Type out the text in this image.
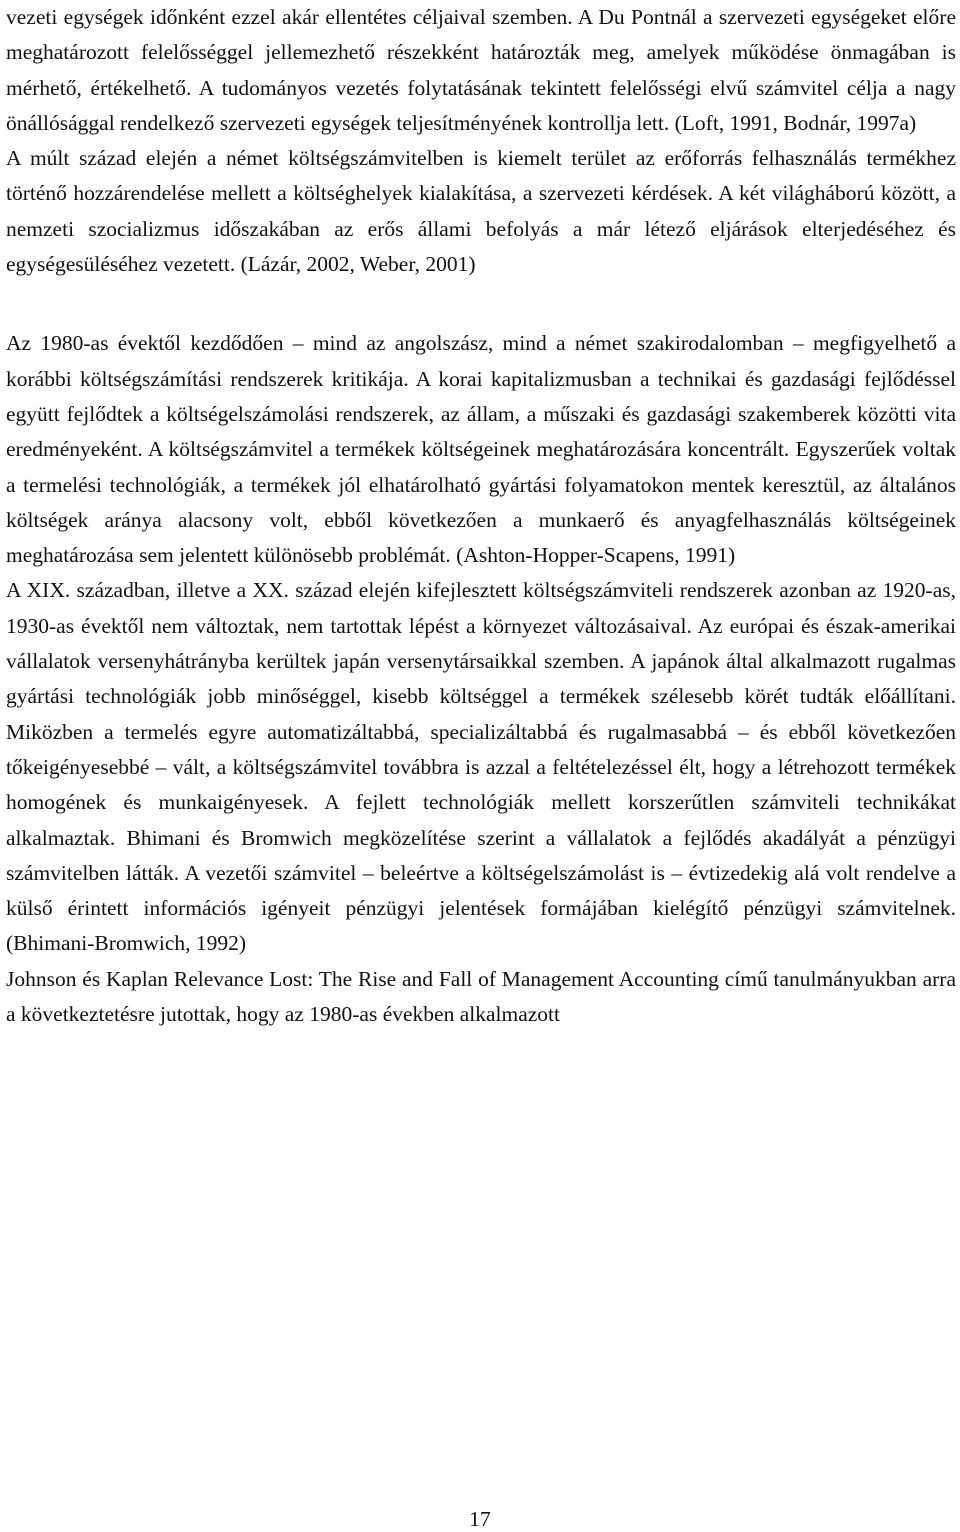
vezeti egységek időnként ezzel akár ellentétes céljaival szemben. A Du Pontnál a szervezeti egységeket előre meghatározott felelősséggel jellemezhető részekként határozták meg, amelyek működése önmagában is mérhető, értékelhető. A tudományos vezetés folytatásának tekintett felelősségi elvű számvitel célja a nagy önállósággal rendelkező szervezeti egységek teljesítményének kontrollja lett. (Loft, 1991, Bodnár, 1997a)

A múlt század elején a német költségszámvitelben is kiemelt terület az erőforrás felhasználás termékhez történő hozzárendelése mellett a költséghelyek kialakítása, a szervezeti kérdések. A két világháború között, a nemzeti szocializmus időszakában az erős állami befolyás a már létező eljárások elterjedéséhez és egységesüléséhez vezetett. (Lázár, 2002, Weber, 2001)

Az 1980-as évektől kezdődően – mind az angolszász, mind a német szakirodalomban – megfigyelhető a korábbi költségszámítási rendszerek kritikája. A korai kapitalizmusban a technikai és gazdasági fejlődéssel együtt fejlődtek a költségelszámolási rendszerek, az állam, a műszaki és gazdasági szakemberek közötti vita eredményeként. A költségszámvitel a termékek költségeinek meghatározására koncentrált. Egyszerűek voltak a termelési technológiák, a termékek jól elhatárolható gyártási folyamatokon mentek keresztül, az általános költségek aránya alacsony volt, ebből következően a munkaerő és anyagfelhasználás költségeinek meghatározása sem jelentett különösebb problémát. (Ashton-Hopper-Scapens, 1991)

A XIX. században, illetve a XX. század elején kifejlesztett költségszámviteli rendszerek azonban az 1920-as, 1930-as évektől nem változtak, nem tartottak lépést a környezet változásaival. Az európai és észak-amerikai vállalatok versenyhátrányba kerültek japán versenytársaikkal szemben. A japánok által alkalmazott rugalmas gyártási technológiák jobb minőséggel, kisebb költséggel a termékek szélesebb körét tudták előállítani. Miközben a termelés egyre automatizáltabbá, specializáltabbá és rugalmasabbá – és ebből következően tőkeigényesebbé – vált, a költségszámvitel továbbra is azzal a feltételezéssel élt, hogy a létrehozott termékek homogének és munkaigényesek. A fejlett technológiák mellett korszerűtlen számviteli technikákat alkalmaztak. Bhimani és Bromwich megközelítése szerint a vállalatok a fejlődés akadályát a pénzügyi számvitelben látták. A vezetői számvitel – beleértve a költségelszámolást is – évtizedekig alá volt rendelve a külső érintett információs igényeit pénzügyi jelentések formájában kielégítő pénzügyi számvitelnek. (Bhimani-Bromwich, 1992)

Johnson és Kaplan Relevance Lost: The Rise and Fall of Management Accounting című tanulmányukban arra a következtetésre jutottak, hogy az 1980-as években alkalmazott

17
